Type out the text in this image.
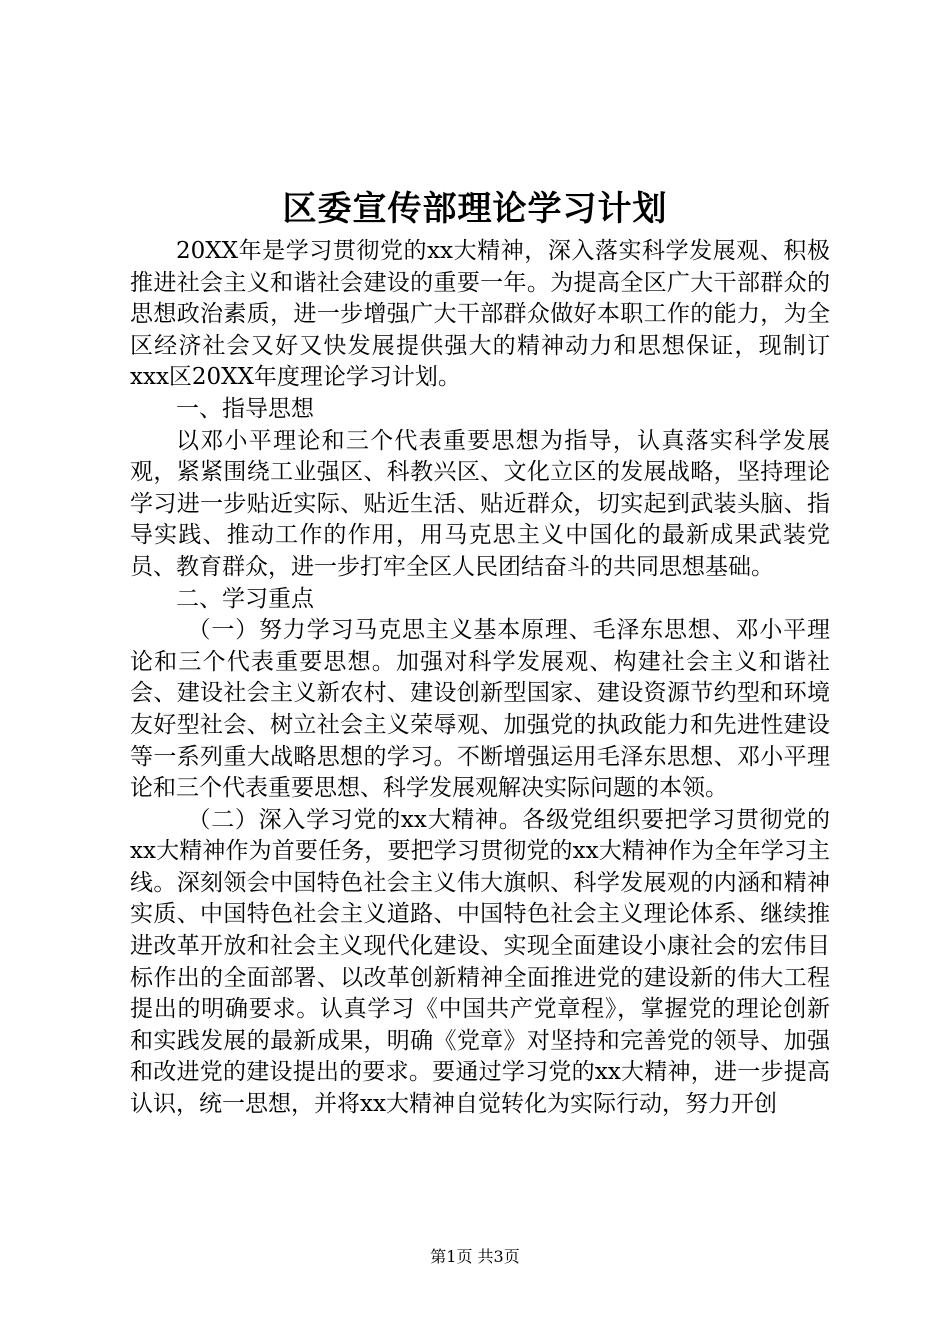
区委宣传部理论学习计划

20XX年是学习贯彻党的xx大精神，深入落实科学发展观、积极推进社会主义和谐社会建设的重要一年。为提高全区广大干部群众的思想政治素质，进一步增强广大干部群众做好本职工作的能力，为全区经济社会又好又快发展提供强大的精神动力和思想保证，现制订xxx区20XX年度理论学习计划。

一、指导思想

以邓小平理论和三个代表重要思想为指导，认真落实科学发展观，紧紧围绕工业强区、科教兴区、文化立区的发展战略，坚持理论学习进一步贴近实际、贴近生活、贴近群众，切实起到武装头脑、指导实践、推动工作的作用，用马克思主义中国化的最新成果武装党员、教育群众，进一步打牢全区人民团结奋斗的共同思想基础。

二、学习重点

（一）努力学习马克思主义基本原理、毛泽东思想、邓小平理论和三个代表重要思想。加强对科学发展观、构建社会主义和谐社会、建设社会主义新农村、建设创新型国家、建设资源节约型和环境友好型社会、树立社会主义荣辱观、加强党的执政能力和先进性建设等一系列重大战略思想的学习。不断增强运用毛泽东思想、邓小平理论和三个代表重要思想、科学发展观解决实际问题的本领。

（二）深入学习党的xx大精神。各级党组织要把学习贯彻党的xx大精神作为首要任务，要把学习贯彻党的xx大精神作为全年学习主线。深刻领会中国特色社会主义伟大旗帜、科学发展观的内涵和精神实质、中国特色社会主义道路、中国特色社会主义理论体系、继续推进改革开放和社会主义现代化建设、实现全面建设小康社会的宏伟目标作出的全面部署、以改革创新精神全面推进党的建设新的伟大工程提出的明确要求。认真学习《中国共产党章程》，掌握党的理论创新和实践发展的最新成果，明确《党章》对坚持和完善党的领导、加强和改进党的建设提出的要求。要通过学习党的xx大精神，进一步提高认识，统一思想，并将xx大精神自觉转化为实际行动，努力开创

第1页 共3页
